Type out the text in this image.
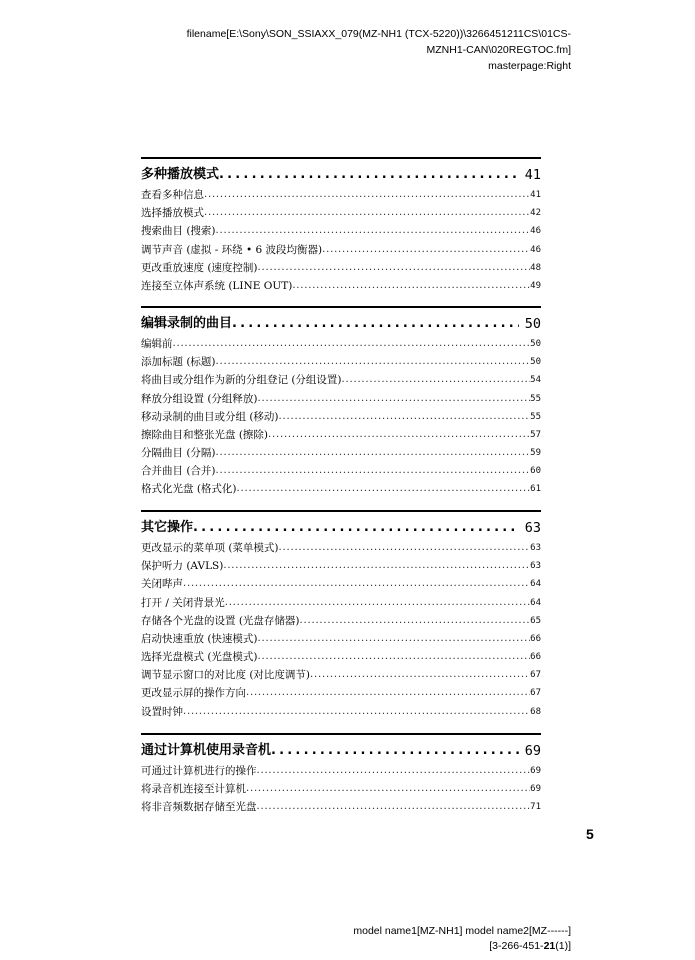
filename[E:\Sony\SON_SSIAXX_079(MZ-NH1 (TCX-5220))\3266451211CS\01CS-
MZNH1-CAN\020REGTOC.fm]
masterpage:Right
多种播放模式 .....	41
查看多种信息 .....	41
选择播放模式 .....	42
搜索曲目 (搜索) .....	46
调节声音 (虚拟 - 环绕 • 6 波段均衡器) .....	46
更改重放速度 (速度控制) .....	48
连接至立体声系统 (LINE OUT) .....	49
编辑录制的曲目 .....	50
编辑前 .....	50
添加标题 (标题) .....	50
将曲目或分组作为新的分组登记 (分组设置) .....	54
释放分组设置 (分组释放) .....	55
移动录制的曲目或分组 (移动) .....	55
擦除曲目和整张光盘 (擦除) .....	57
分隔曲目 (分隔) .....	59
合并曲目 (合并) .....	60
格式化光盘 (格式化) .....	61
其它操作 .....	63
更改显示的菜单项 (菜单模式) .....	63
保护听力 (AVLS) .....	63
关闭哔声 .....	64
打开 / 关闭背景光 .....	64
存储各个光盘的设置 (光盘存储器) .....	65
启动快速重放 (快速模式) .....	66
选择光盘模式 (光盘模式) .....	66
调节显示窗口的对比度 (对比度调节) .....	67
更改显示屏的操作方向 .....	67
设置时钟 .....	68
通过计算机使用录音机 .....	69
可通过计算机进行的操作 .....	69
将录音机连接至计算机 .....	69
将非音频数据存储至光盘 .....	71
5
model name1[MZ-NH1] model name2[MZ------]
[3-266-451-21(1)]
